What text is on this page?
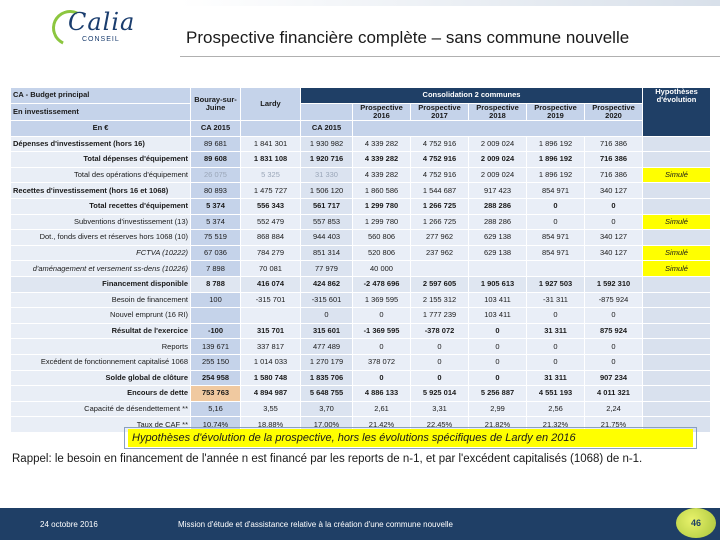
Calia
CONSEIL	Prospective financière complète – sans commune nouvelle
CA - Budget principal	Bouray-sur-Juine	Lardy	Consolidation 2 communes						Hypothèses d'évolution
En investissement				Prospective 2016	Prospective 2017	Prospective 2018	Prospective 2019	Prospective 2020	
En €	CA 2015		CA 2015						
Dépenses d'investissement (hors 16)	89 681	1 841 301	1 930 982	4 339 282	4 752 916	2 009 024	1 896 192	716 386	
Total dépenses d'équipement	89 608	1 831 108	1 920 716	4 339 282	4 752 916	2 009 024	1 896 192	716 386	
Total des opérations d'équipement	26 075	5 325	31 330	4 339 282	4 752 916	2 009 024	1 896 192	716 386	Simulé
Recettes d'investissement (hors 16 et 1068)	80 893	1 475 727	1 506 120	1 860 586	1 544 687	917 423	854 971	340 127	
Total recettes d'équipement	5 374	556 343	561 717	1 299 780	1 266 725	288 286	0	0	
Subventions d'investissement (13)	5 374	552 479	557 853	1 299 780	1 266 725	288 286	0	0	Simulé
Dot., fonds divers et réserves hors 1068 (10)	75 519	868 884	944 403	560 806	277 962	629 138	854 971	340 127	
FCTVA (10222)	67 036	784 279	851 314	520 806	237 962	629 138	854 971	340 127	Simulé
d'aménagement et versement ss-dens (10226)	7 898	70 081	77 979	40 000					Simulé
Financement disponible	8 788	416 074	424 862	-2 478 696	2 597 605	1 905 613	1 927 503	1 592 310	
Besoin de financement	100	-315 701	-315 601	1 369 595	2 155 312	103 411	-31 311	-875 924	
Nouvel emprunt (16 RI)			0	0	1 777 239	103 411	0	0	
Résultat de l'exercice	-100	315 701	315 601	-1 369 595	-378 072	0	31 311	875 924	
Reports	139 671	337 817	477 489	0	0	0	0	0	
Excédent de fonctionnement capitalisé 1068	255 150	1 014 033	1 270 179	378 072	0	0	0	0	
Solde global de clôture	254 958	1 580 748	1 835 706	0	0	0	31 311	907 234	
Encours de dette	753 763	4 894 987	5 648 755	4 886 133	5 925 014	5 256 887	4 551 193	4 011 321	
Capacité de désendettement **	5,16	3,55	3,70	2,61	3,31	2,99	2,56	2,24	
Taux de CAF **	10,74%	18,88%	17,00%	21,42%	22,45%	21,82%	21,32%	21,75%	
Hypothèses d'évolution de la prospective, hors les évolutions spécifiques de Lardy en 2016
Rappel: le besoin en financement de l'année n est financé par les reports de n-1, et par l'excédent capitalisés (1068) de n-1.
24 octobre 2016	Mission d'étude et d'assistance relative à la création d'une commune nouvelle	46
